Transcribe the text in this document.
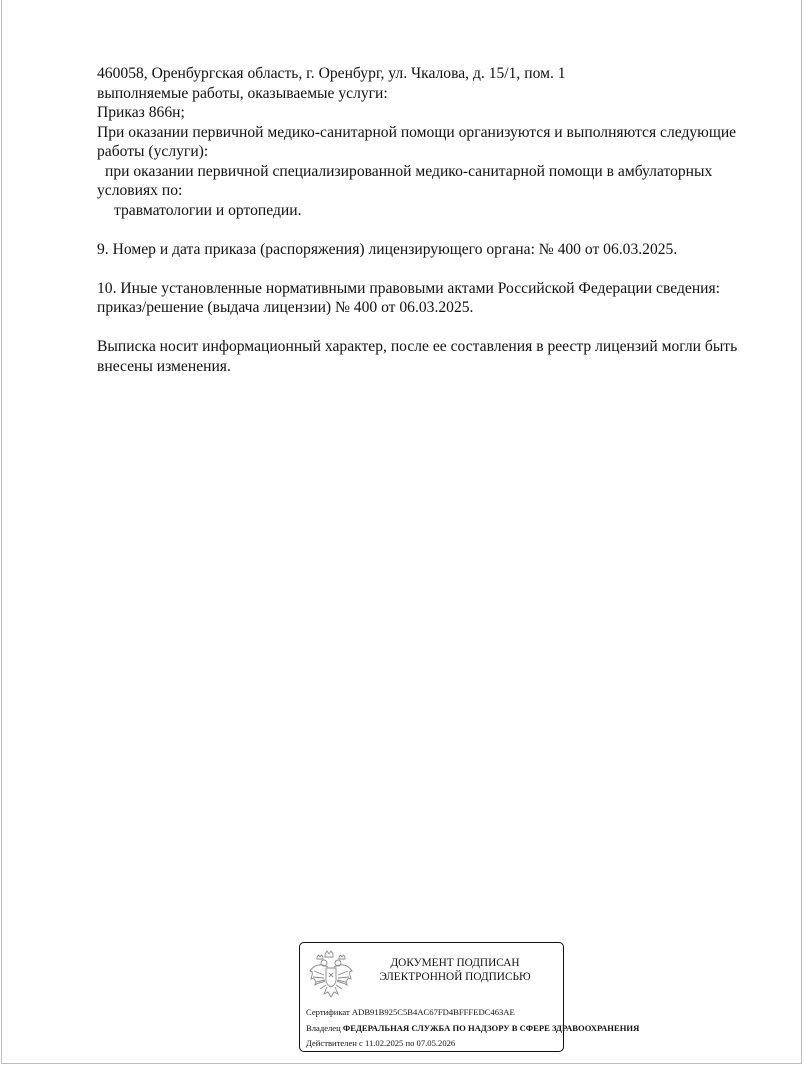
460058, Оренбургская область, г. Оренбург, ул. Чкалова, д. 15/1, пом. 1

выполняемые работы, оказываемые услуги:

Приказ 866н;

При оказании первичной медико-санитарной помощи организуются и выполняются следующие

работы (услуги):

при оказании первичной специализированной медико-санитарной помощи в амбулаторных

условиях по:

травматологии и ортопедии.

9. Номер и дата приказа (распоряжения) лицензирующего органа: № 400 от 06.03.2025.

10. Иные установленные нормативными правовыми актами Российской Федерации сведения:

приказ/решение (выдача лицензии) № 400 от 06.03.2025.

Выписка носит информационный характер, после ее составления в реестр лицензий могли быть

внесены изменения.

ДОКУМЕНТ ПОДПИСАН
ЭЛЕКТРОННОЙ ПОДПИСЬЮ
Сертификат ADB91B925C5B4AC67FD4BFFFEDC463AE
Владелец ФЕДЕРАЛЬНАЯ СЛУЖБА ПО НАДЗОРУ В СФЕРЕ ЗДРАВООХРАНЕНИЯ
Действителен с 11.02.2025 по 07.05.2026
